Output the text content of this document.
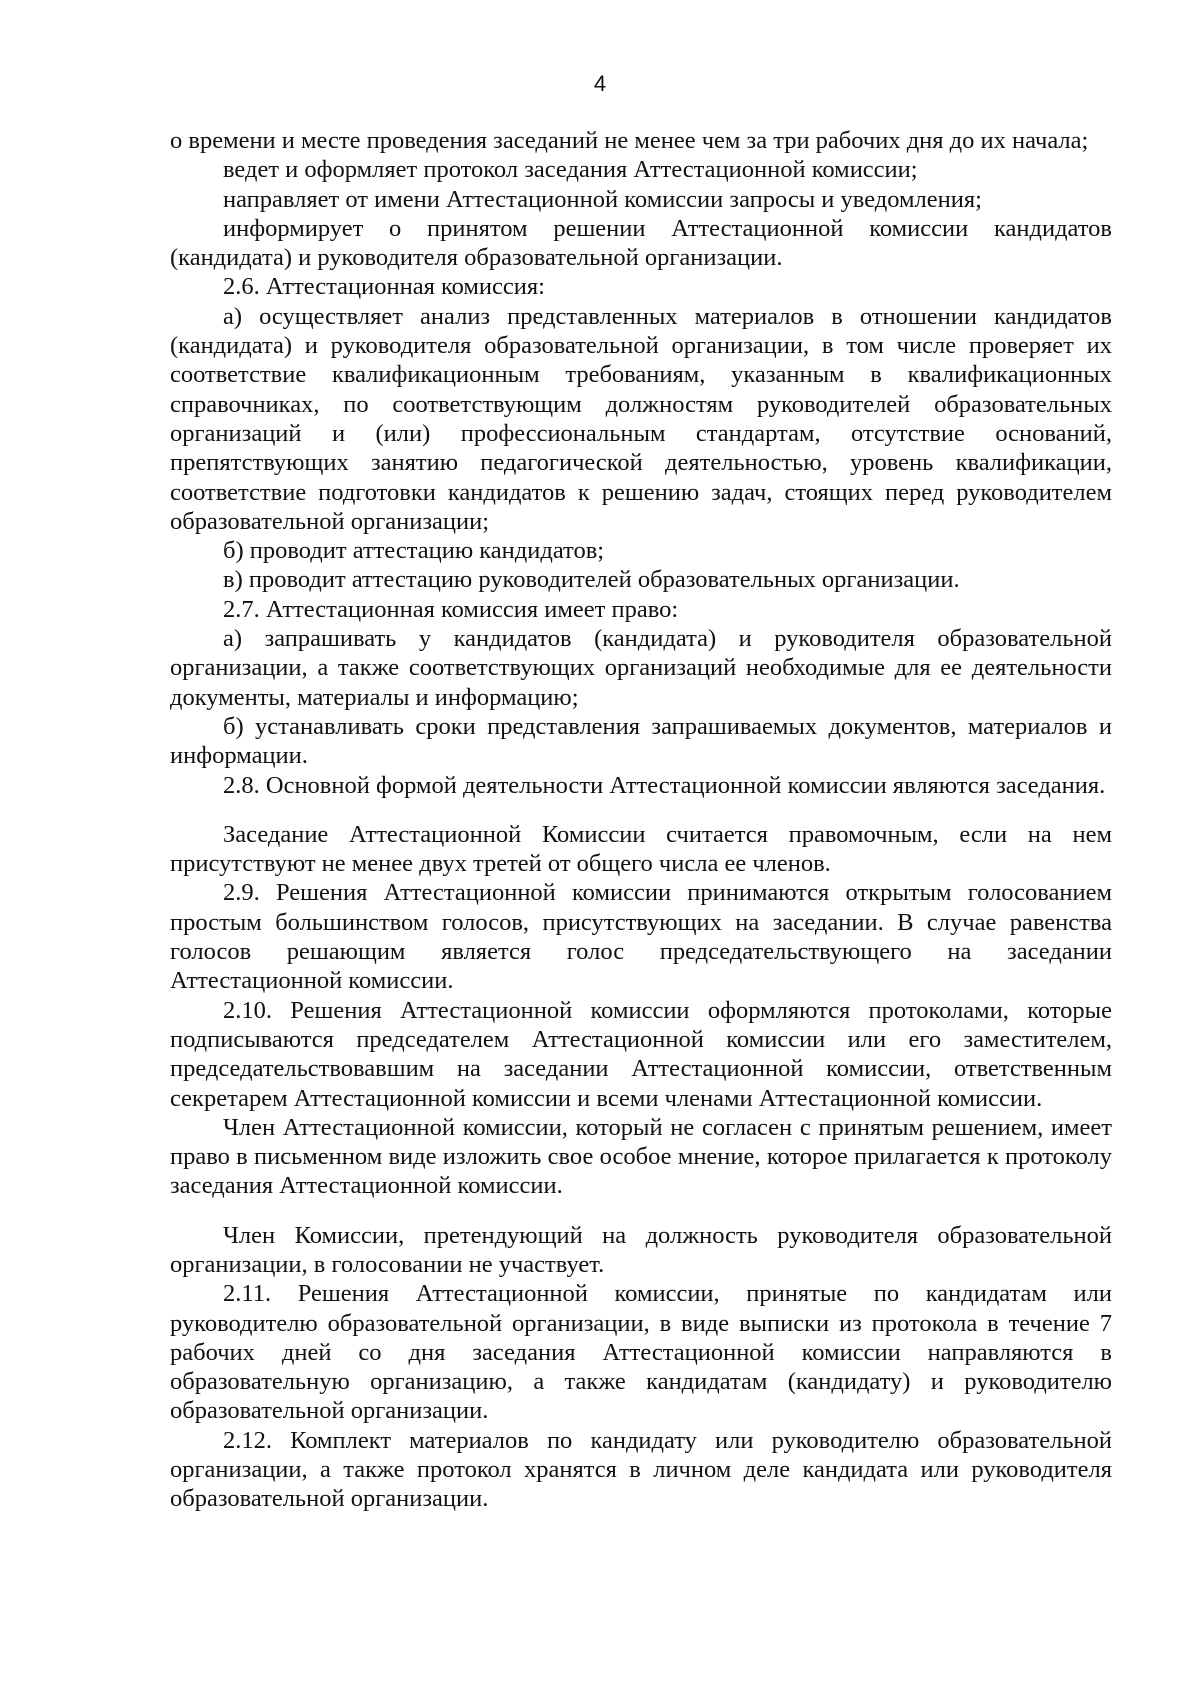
4

о времени и месте проведения заседаний не менее чем за три рабочих дня до их начала;

ведет и оформляет протокол заседания Аттестационной комиссии;

направляет от имени Аттестационной комиссии запросы и уведомления;

информирует о принятом решении Аттестационной комиссии кандидатов (кандидата) и руководителя образовательной организации.

2.6. Аттестационная комиссия:

а) осуществляет анализ представленных материалов в отношении кандидатов (кандидата) и руководителя образовательной организации, в том числе проверяет их соответствие квалификационным требованиям, указанным в квалификационных справочниках, по соответствующим должностям руководителей образовательных организаций и (или) профессиональным стандартам, отсутствие оснований, препятствующих занятию педагогической деятельностью, уровень квалификации, соответствие подготовки кандидатов к решению задач, стоящих перед руководителем образовательной организации;

б) проводит аттестацию кандидатов;

в) проводит аттестацию руководителей образовательных организации.

2.7. Аттестационная комиссия имеет право:

а) запрашивать у кандидатов (кандидата) и руководителя образовательной организации, а также соответствующих организаций необходимые для ее деятельности документы, материалы и информацию;

б) устанавливать сроки представления запрашиваемых документов, материалов и информации.

2.8. Основной формой деятельности Аттестационной комиссии являются заседания.

Заседание Аттестационной Комиссии считается правомочным, если на нем присутствуют не менее двух третей от общего числа ее членов.

2.9. Решения Аттестационной комиссии принимаются открытым голосованием простым большинством голосов, присутствующих на заседании. В случае равенства голосов решающим является голос председательствующего на заседании Аттестационной комиссии.

2.10. Решения Аттестационной комиссии оформляются протоколами, которые подписываются председателем Аттестационной комиссии или его заместителем, председательствовавшим на заседании Аттестационной комиссии, ответственным секретарем Аттестационной комиссии и всеми членами Аттестационной комиссии.

Член Аттестационной комиссии, который не согласен с принятым решением, имеет право в письменном виде изложить свое особое мнение, которое прилагается к протоколу заседания Аттестационной комиссии.

Член Комиссии, претендующий на должность руководителя образовательной организации, в голосовании не участвует.

2.11. Решения Аттестационной комиссии, принятые по кандидатам или руководителю образовательной организации, в виде выписки из протокола в течение 7 рабочих дней со дня заседания Аттестационной комиссии направляются в образовательную организацию, а также кандидатам (кандидату) и руководителю образовательной организации.

2.12. Комплект материалов по кандидату или руководителю образовательной организации, а также протокол хранятся в личном деле кандидата или руководителя образовательной организации.
